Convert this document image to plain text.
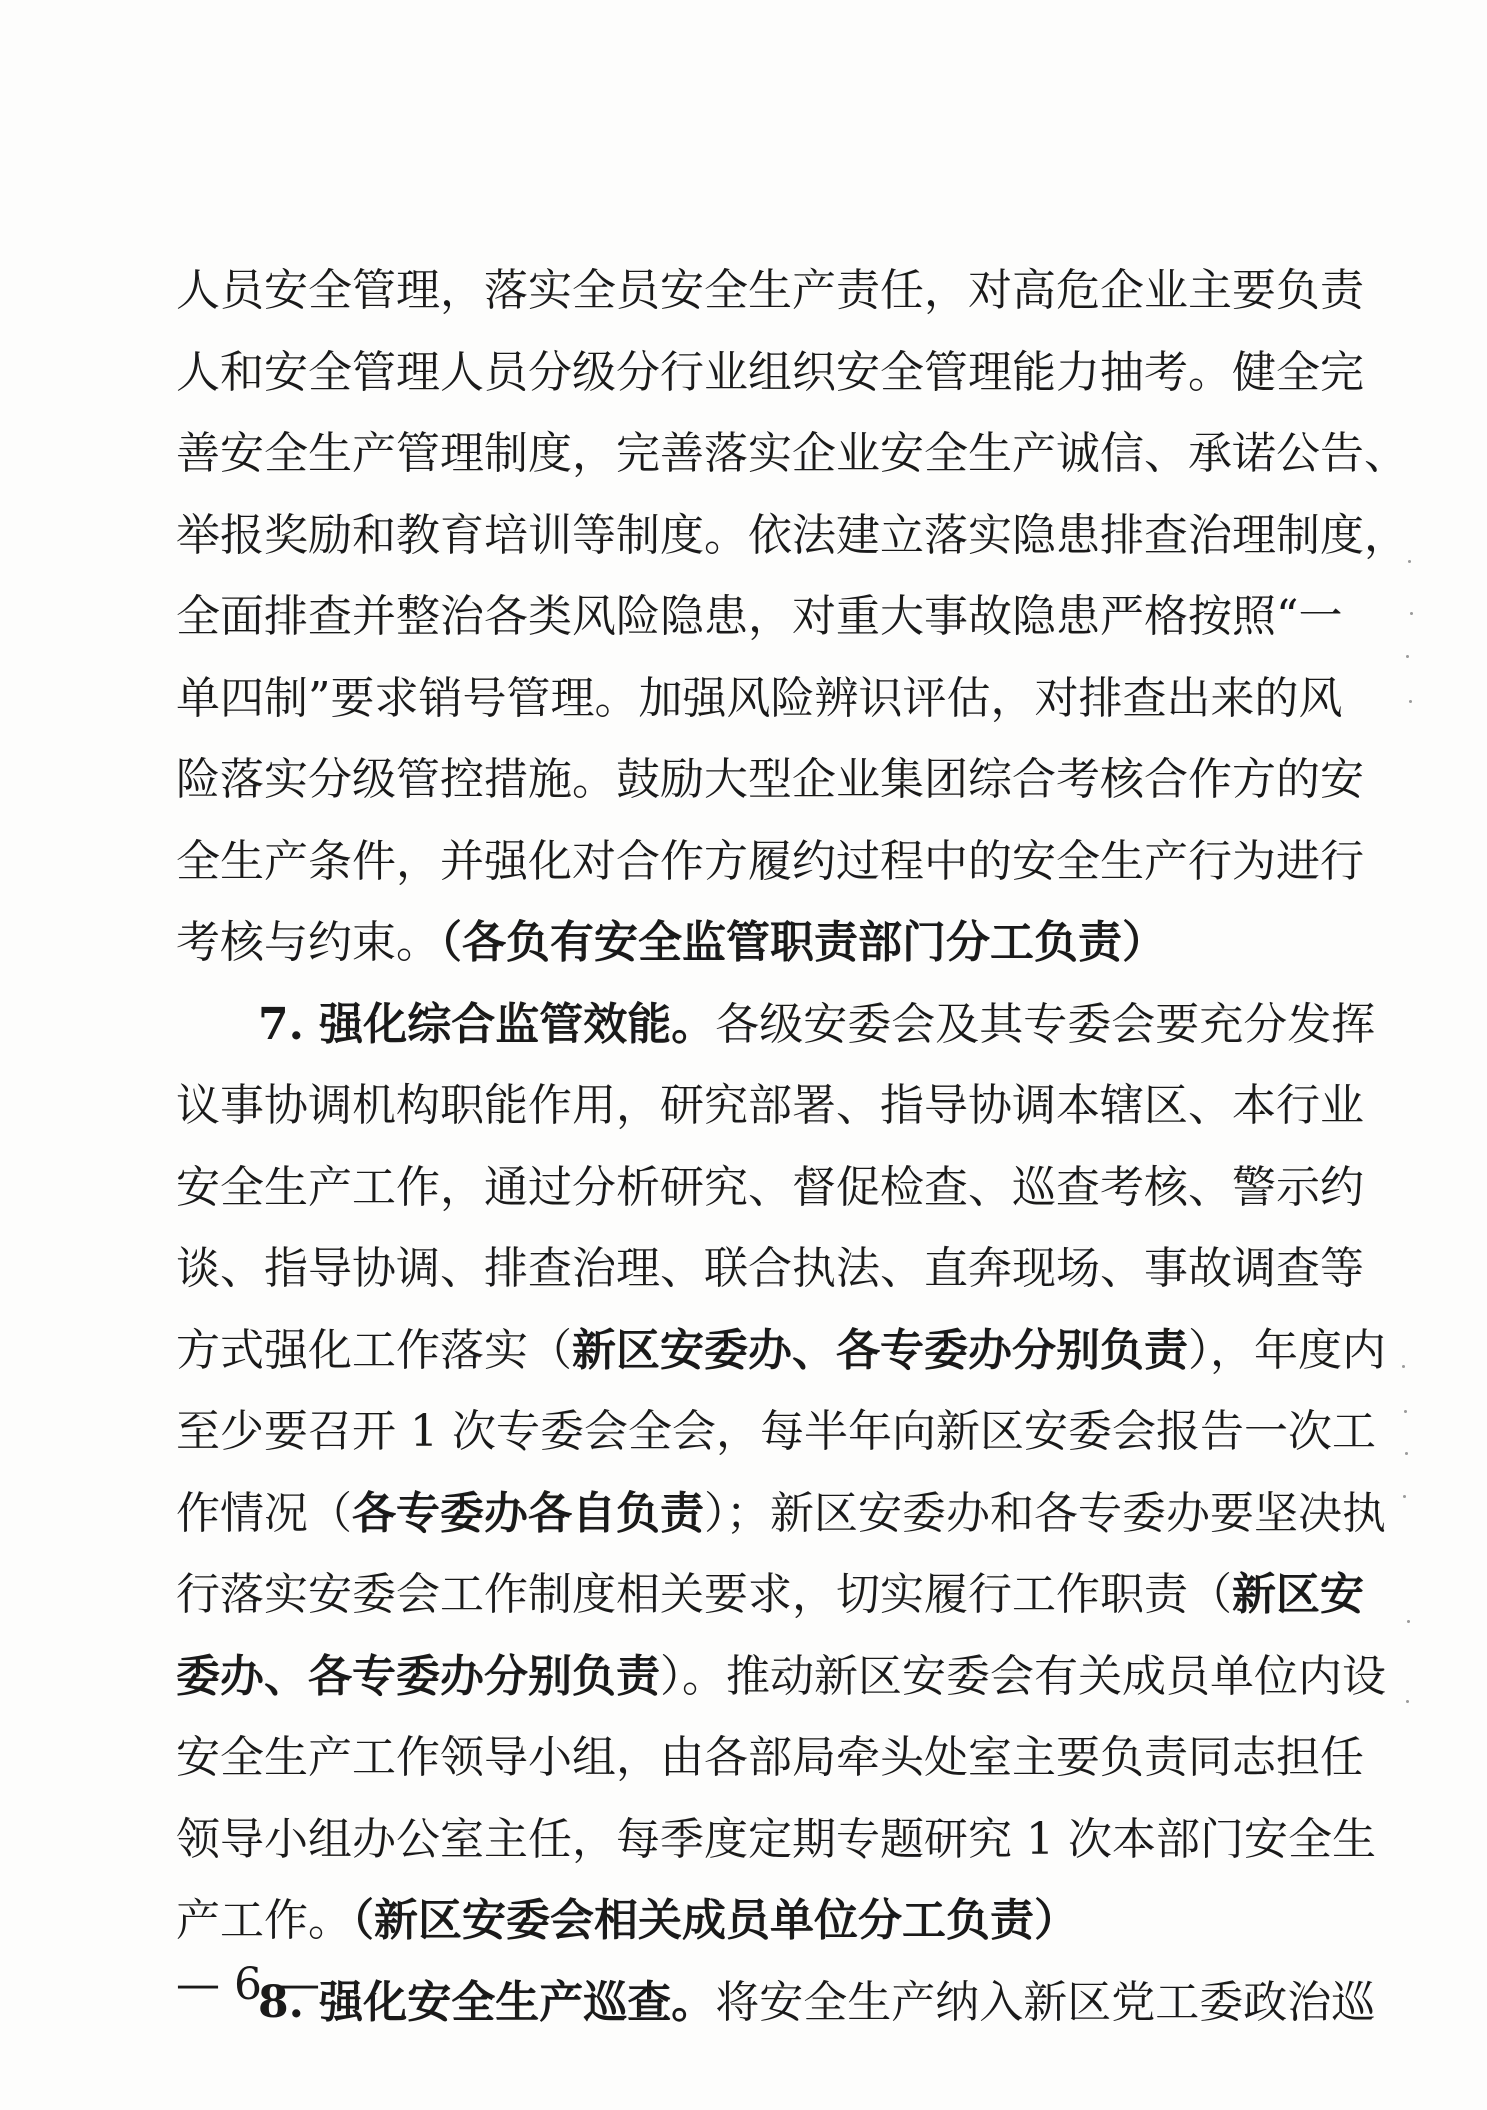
人员安全管理，落实全员安全生产责任，对高危企业主要负责
人和安全管理人员分级分行业组织安全管理能力抽考。健全完
善安全生产管理制度，完善落实企业安全生产诚信、承诺公告、
举报奖励和教育培训等制度。依法建立落实隐患排查治理制度，
全面排查并整治各类风险隐患，对重大事故隐患严格按照“一
单四制”要求销号管理。加强风险辨识评估，对排查出来的风
险落实分级管控措施。鼓励大型企业集团综合考核合作方的安
全生产条件，并强化对合作方履约过程中的安全生产行为进行
考核与约束。（各负有安全监管职责部门分工负责）
7. 强化综合监管效能。各级安委会及其专委会要充分发挥
议事协调机构职能作用，研究部署、指导协调本辖区、本行业
安全生产工作，通过分析研究、督促检查、巡查考核、警示约
谈、指导协调、排查治理、联合执法、直奔现场、事故调查等
方式强化工作落实（新区安委办、各专委办分别负责），年度内
至少要召开 1 次专委会全会，每半年向新区安委会报告一次工
作情况（各专委办各自负责）；新区安委办和各专委办要坚决执
行落实安委会工作制度相关要求，切实履行工作职责（新区安
委办、各专委办分别负责）。推动新区安委会有关成员单位内设
安全生产工作领导小组，由各部局牵头处室主要负责同志担任
领导小组办公室主任，每季度定期专题研究 1 次本部门安全生
产工作。（新区安委会相关成员单位分工负责）
8. 强化安全生产巡查。将安全生产纳入新区党工委政治巡
— 6 —
